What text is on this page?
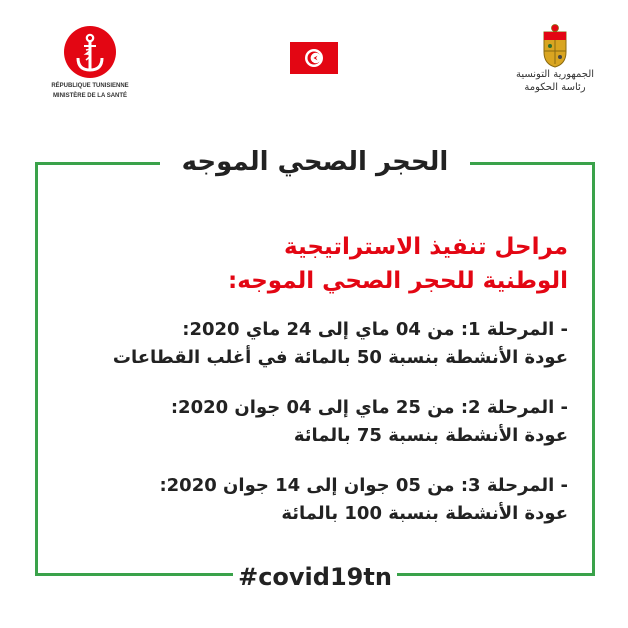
RÉPUBLIQUE TUNISIENNE
MINISTÈRE DE LA SANTÉ
الجمهورية التونسية
رئاسة الحكومة
الحجر الصحي الموجه
مراحل تنفيذ الاستراتيجية
الوطنية للحجر الصحي الموجه:
- المرحلة 1: من 04 ماي إلى 24 ماي 2020:
عودة الأنشطة بنسبة 50 بالمائة في أغلب القطاعات
- المرحلة 2: من 25 ماي إلى 04 جوان 2020:
عودة الأنشطة بنسبة 75 بالمائة
- المرحلة 3: من 05 جوان إلى 14 جوان 2020:
عودة الأنشطة بنسبة 100 بالمائة
#covid19tn
